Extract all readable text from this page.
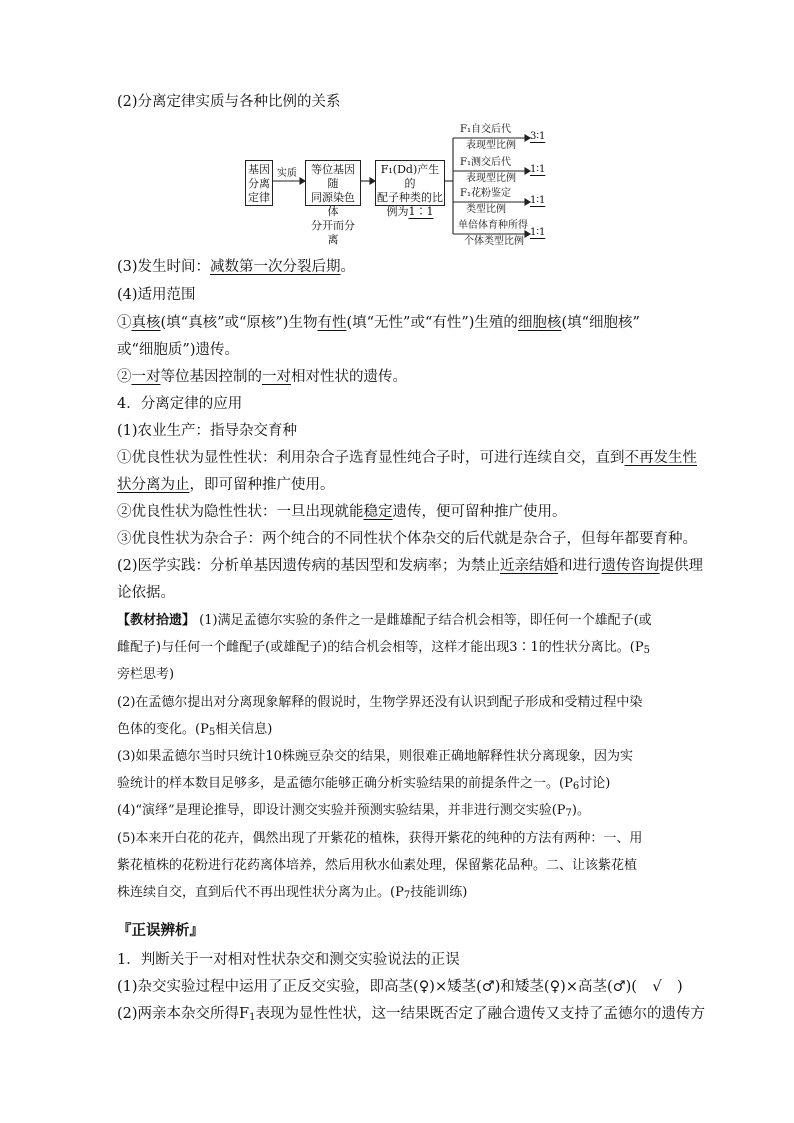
(2)分离定律实质与各种比例的关系
基因分离定律
实质	等位基因随
同源染色体
分开而分离
F₁(Dd)产生的
配子种类的比
例为1∶1
F₁自交后代
表现型比例
3∶1
F₁测交后代
表现型比例
1∶1
F₁花粉鉴定
类型比例
1∶1
单倍体育种所得
个体类型比例
1∶1
(3)发生时间：减数第一次分裂后期。
(4)适用范围
①真核(填“真核”或“原核”)生物有性(填“无性”或“有性”)生殖的细胞核(填“细胞核”
或“细胞质”)遗传。
②一对等位基因控制的一对相对性状的遗传。
4．分离定律的应用
(1)农业生产：指导杂交育种
①优良性状为显性性状：利用杂合子选育显性纯合子时，可进行连续自交，直到不再发生性
状分离为止，即可留种推广使用。
②优良性状为隐性性状：一旦出现就能稳定遗传，便可留种推广使用。
③优良性状为杂合子：两个纯合的不同性状个体杂交的后代就是杂合子，但每年都要育种。
(2)医学实践：分析单基因遗传病的基因型和发病率；为禁止近亲结婚和进行遗传咨询提供理
论依据。
【教材拾遗】 (1)满足孟德尔实验的条件之一是雌雄配子结合机会相等，即任何一个雄配子(或
雌配子)与任何一个雌配子(或雄配子)的结合机会相等，这样才能出现3∶1的性状分离比。($P_5$
旁栏思考)
(2)在孟德尔提出对分离现象解释的假说时，生物学界还没有认识到配子形成和受精过程中染
色体的变化。($P_5$相关信息)
(3)如果孟德尔当时只统计10株豌豆杂交的结果，则很难正确地解释性状分离现象，因为实
验统计的样本数目足够多，是孟德尔能够正确分析实验结果的前提条件之一。($P_6$讨论)
(4)“演绎”是理论推导，即设计测交实验并预测实验结果，并非进行测交实验$(P_7)$。
(5)本来开白花的花卉，偶然出现了开紫花的植株，获得开紫花的纯种的方法有两种：一、用
紫花植株的花粉进行花药离体培养，然后用秋水仙素处理，保留紫花品种。二、让该紫花植
株连续自交，直到后代不再出现性状分离为止。($P_7$技能训练)
『正误辨析』
1．判断关于一对相对性状杂交和测交实验说法的正误
(1)杂交实验过程中运用了正反交实验，即高茎(♀)×矮茎(♂)和矮茎(♀)×高茎(♂)( √ )
(2)两亲本杂交所得$F_1$表现为显性性状，这一结果既否定了融合遗传又支持了孟德尔的遗传方
